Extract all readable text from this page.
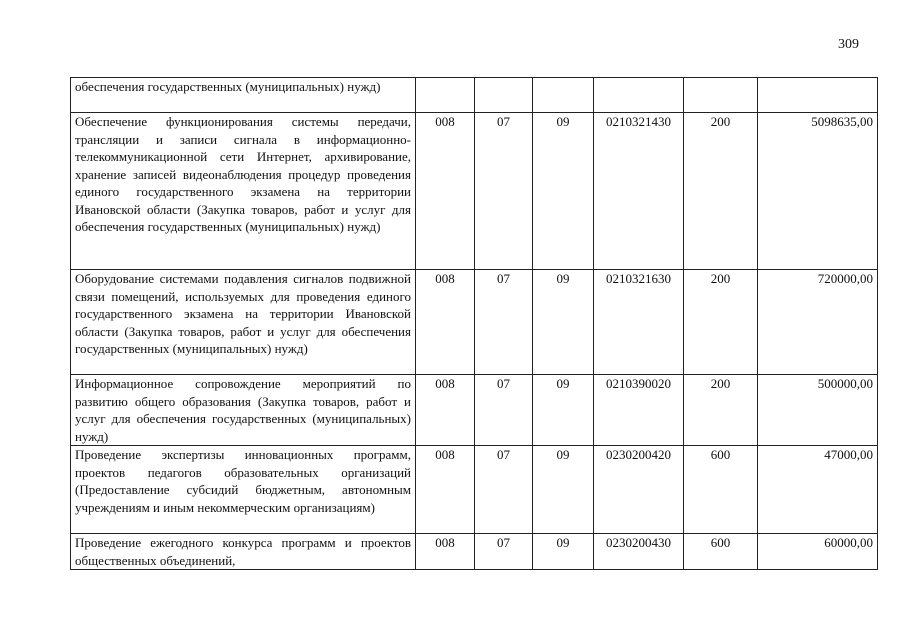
309
обеспечения государственных (муниципальных) нужд)						
Обеспечение функционирования системы передачи, трансляции и записи сигнала в информационно-телекоммуникационной сети Интернет, архивирование, хранение записей видеонаблюдения процедур проведения единого государственного экзамена на территории Ивановской области (Закупка товаров, работ и услуг для обеспечения государственных (муниципальных) нужд)	008	07	09	0210321430	200	5098635,00
Оборудование системами подавления сигналов подвижной связи помещений, используемых для проведения единого государственного экзамена на территории Ивановской области (Закупка товаров, работ и услуг для обеспечения государственных (муниципальных) нужд)	008	07	09	0210321630	200	720000,00
Информационное сопровождение мероприятий по развитию общего образования (Закупка товаров, работ и услуг для обеспечения государственных (муниципальных) нужд)	008	07	09	0210390020	200	500000,00
Проведение экспертизы инновационных программ, проектов педагогов образовательных организаций (Предоставление субсидий бюджетным, автономным учреждениям и иным некоммерческим организациям)	008	07	09	0230200420	600	47000,00
Проведение ежегодного конкурса программ и проектов общественных объединений,	008	07	09	0230200430	600	60000,00
